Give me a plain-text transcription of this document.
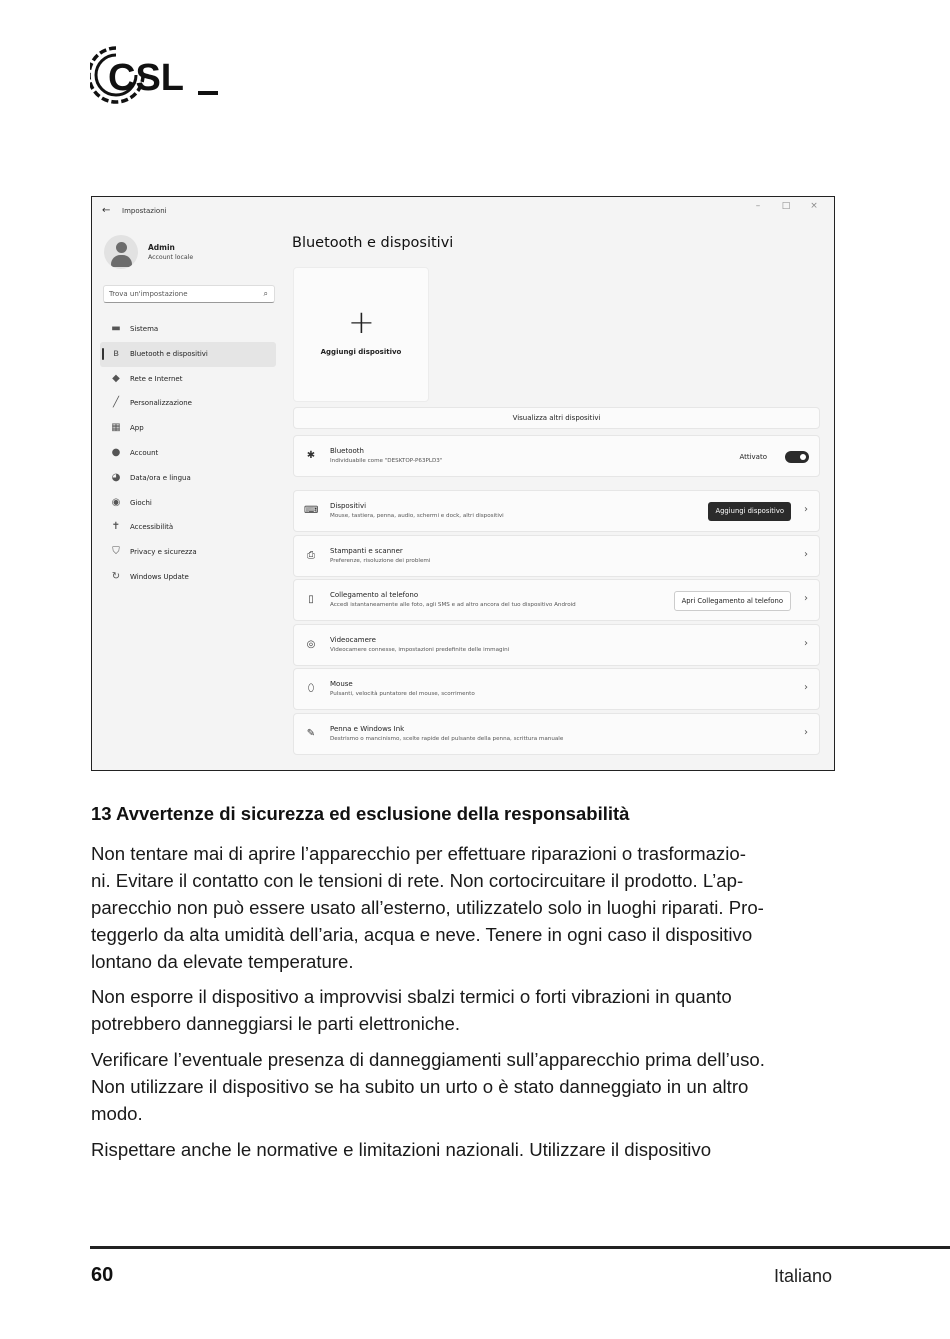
CSL
← Impostazioni	–	□	×
Admin
Account locale
Trova un'impostazione	⌕
▬ Sistema
ʙ	Bluetooth e dispositivi
◆	Rete e Internet
╱	Personalizzazione
▦ App
● Account
◕ Data/ora e lingua
◉ Giochi
✝ Accessibilità
⛉	Privacy e sicurezza
↻ Windows Update
Bluetooth e dispositivi
+
Aggiungi dispositivo
Visualizza altri dispositivi
✱	Bluetooth
Individuabile come "DESKTOP-P63PLD3"	Attivato
⌨ Dispositivi
Mouse, tastiera, penna, audio, schermi e dock, altri dispositivi
Aggiungi dispositivo	›
⎙	Stampanti e scanner
Preferenze, risoluzione dei problemi
›
▯	Collegamento al telefono
Accedi istantaneamente alle foto, agli SMS e ad altro ancora del tuo dispositivo Android	Apri Collegamento al telefono	›
◎	Videocamere
Videocamere connesse, impostazioni predefinite delle immagini
›
⬯	Mouse
Pulsanti, velocità puntatore del mouse, scorrimento
›
✎	Penna e Windows Ink
Destrismo o mancinismo, scelte rapide del pulsante della penna, scrittura manuale
›
13 Avvertenze di sicurezza ed esclusione della responsabilità
Non tentare mai di aprire l’apparecchio per effettuare riparazioni o trasformazio-
ni. Evitare il contatto con le tensioni di rete. Non cortocircuitare il prodotto. L’ap-
parecchio non può essere usato all’esterno, utilizzatelo solo in luoghi riparati. Pro-
teggerlo da alta umidità dell’aria, acqua e neve. Tenere in ogni caso il dispositivo
lontano da elevate temperature.
Non esporre il dispositivo a improvvisi sbalzi termici o forti vibrazioni in quanto
potrebbero danneggiarsi le parti elettroniche.
Verificare l’eventuale presenza di danneggiamenti sull’apparecchio prima dell’uso.
Non utilizzare il dispositivo se ha subito un urto o è stato danneggiato in un altro
modo.
Rispettare anche le normative e limitazioni nazionali. Utilizzare il dispositivo
60	Italiano
